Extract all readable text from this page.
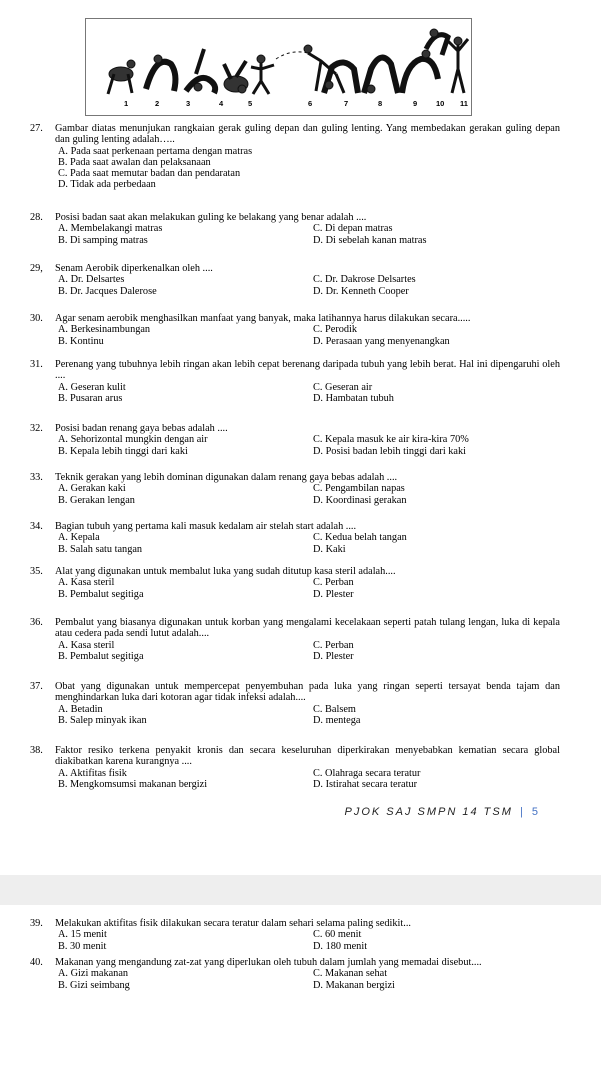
1	2	3	4	5	6	7	8	9	10 11
27. Gambar diatas menunjukan rangkaian gerak guling depan dan guling lenting. Yang membedakan gerakan guling depan dan guling lenting adalah…..
A. Pada saat perkenaan pertama dengan matras
B. Pada saat awalan dan pelaksanaan
C. Pada saat memutar badan dan pendaratan
D. Tidak ada perbedaan
28. Posisi badan saat akan melakukan guling ke belakang yang benar adalah ....
A. Membelakangi matras	C. Di depan matras
B. Di samping matras	D. Di sebelah kanan matras
29, Senam Aerobik diperkenalkan oleh ....
A. Dr. Delsartes	C. Dr. Dakrose Delsartes
B. Dr. Jacques Dalerose	D. Dr. Kenneth Cooper
30. Agar senam aerobik menghasilkan manfaat yang banyak, maka latihannya harus dilakukan secara.....
A. Berkesinambungan	C. Perodik
B. Kontinu	D. Perasaan yang menyenangkan
31. Perenang yang tubuhnya lebih ringan akan lebih cepat berenang daripada tubuh yang lebih berat. Hal ini dipengaruhi oleh ....
A. Geseran kulit	C. Geseran air
B. Pusaran arus	D. Hambatan tubuh
32. Posisi badan renang gaya bebas adalah ....
A. Sehorizontal mungkin dengan air	C. Kepala masuk ke air kira-kira 70%
B. Kepala lebih tinggi dari kaki	D. Posisi badan lebih tinggi dari kaki
33. Teknik gerakan yang lebih dominan digunakan dalam renang gaya bebas adalah ....
A. Gerakan kaki	C. Pengambilan napas
B. Gerakan lengan	D. Koordinasi gerakan
34. Bagian tubuh yang pertama kali masuk kedalam air stelah start adalah ....
A. Kepala	C. Kedua belah tangan
B. Salah satu tangan	D. Kaki
35. Alat yang digunakan untuk membalut luka yang sudah ditutup kasa steril adalah....
A. Kasa steril	C. Perban
B. Pembalut segitiga	D. Plester
36. Pembalut yang biasanya digunakan untuk korban yang mengalami kecelakaan seperti patah tulang lengan, luka di kepala atau cedera pada sendi lutut adalah....
A. Kasa steril	C. Perban
B. Pembalut segitiga	D. Plester
37. Obat yang digunakan untuk mempercepat penyembuhan pada luka yang ringan seperti tersayat benda tajam dan menghindarkan luka dari kotoran agar tidak infeksi adalah....
A. Betadin	C. Balsem
B. Salep minyak ikan	D. mentega
38. Faktor resiko terkena penyakit kronis dan secara keseluruhan diperkirakan menyebabkan kematian secara global diakibatkan karena kurangnya ....
A. Aktifitas fisik	C. Olahraga secara teratur
B. Mengkomsumsi makanan bergizi	D. Istirahat secara teratur
PJOK SAJ SMPN 14 TSM | 5
39. Melakukan aktifitas fisik dilakukan secara teratur dalam sehari selama paling sedikit...
A. 15 menit	C. 60 menit
B. 30 menit	D. 180 menit
40. Makanan yang mengandung zat-zat yang diperlukan oleh tubuh dalam jumlah yang memadai disebut....
A. Gizi makanan	C. Makanan sehat
B. Gizi seimbang	D. Makanan bergizi
